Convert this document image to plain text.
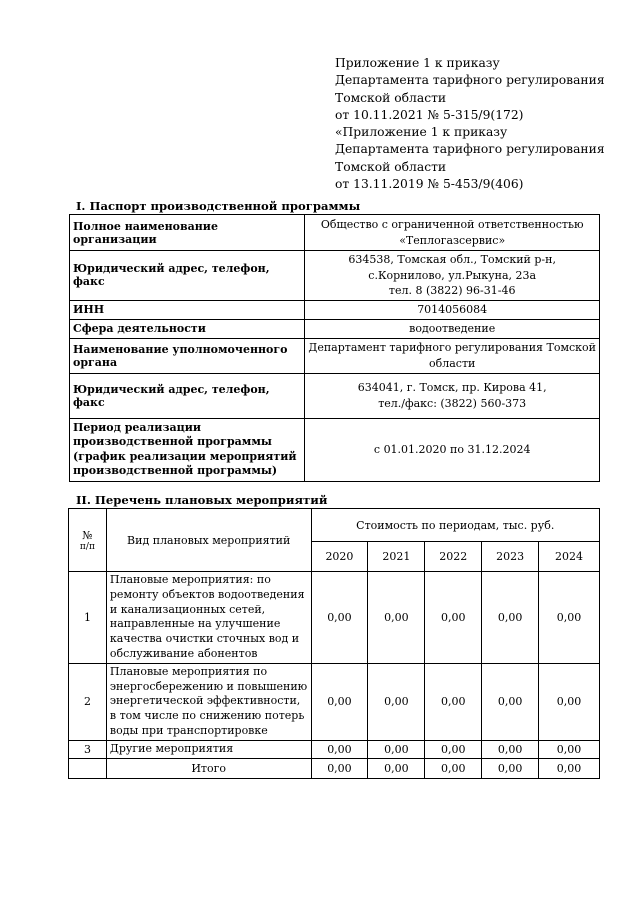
Приложение 1 к приказу
Департамента тарифного регулирования
Томской области
от 10.11.2021 № 5-315/9(172)
«Приложение 1 к приказу
Департамента тарифного регулирования
Томской области
от 13.11.2019 № 5-453/9(406)
I. Паспорт производственной программы
Полное наименование организации	Общество с ограниченной ответственностью
«Теплогазсервис»

Юридический адрес, телефон, факс	634538, Томская обл., Томский р-н,
с.Корнилово, ул.Рыкуна, 23а
тел. 8 (3822) 96-31-46

ИНН	7014056084

Сфера деятельности	водоотведение

Наименование уполномоченного органа	Департамент тарифного регулирования Томской
области

Юридический адрес, телефон, факс	634041, г. Томск, пр. Кирова 41,
тел./факс: (3822) 560-373

Период реализации производственной программы (график реализации мероприятий производственной программы)	с 01.01.2020 по 31.12.2024
II. Перечень плановых мероприятий
№
п/п	Вид плановых мероприятий	Стоимость по периодам, тыс. руб.				
		2020	2021	2022	2023	2024
1	Плановые мероприятия: по ремонту объектов водоотведения и канализационных сетей, направленные на улучшение качества очистки сточных вод и обслуживание абонентов	0,00	0,00	0,00	0,00	0,00
2	Плановые мероприятия по энергосбережению и повышению энергетической эффективности, в том числе по снижению потерь воды при транспортировке	0,00	0,00	0,00	0,00	0,00
3	Другие мероприятия	0,00	0,00	0,00	0,00	0,00
	Итого	0,00	0,00	0,00	0,00	0,00
